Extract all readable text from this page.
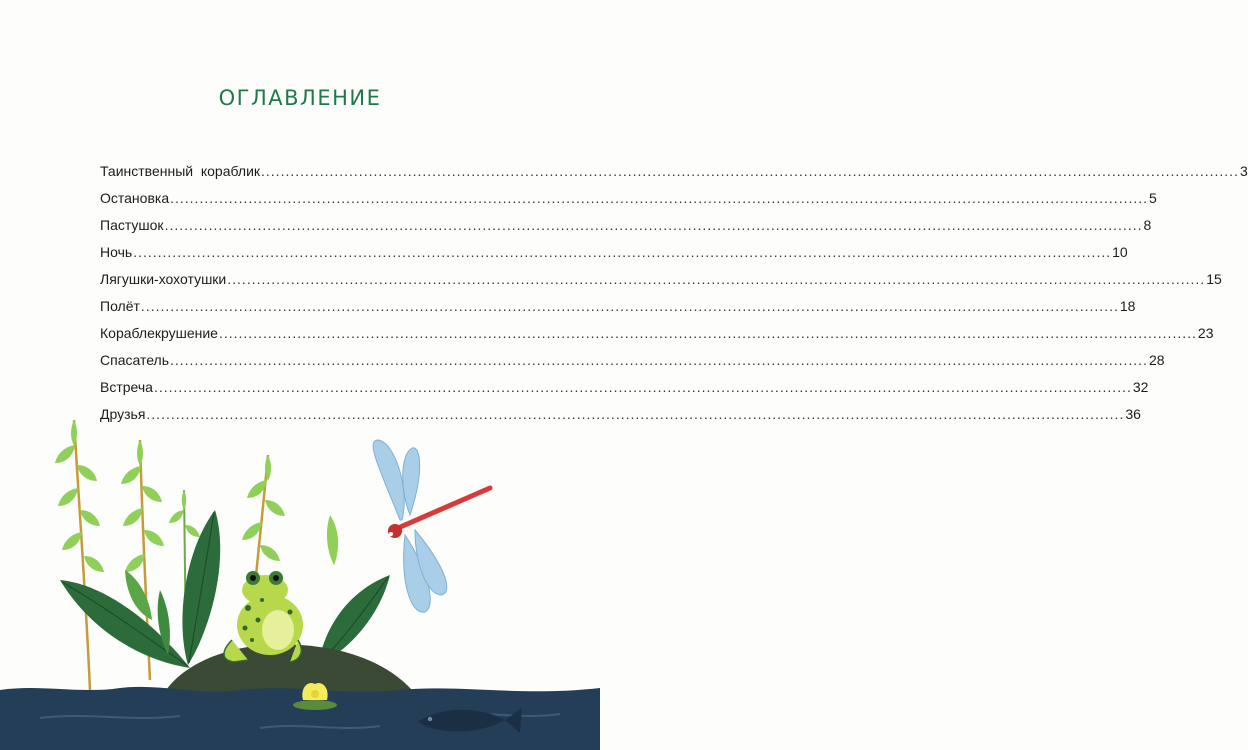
ОГЛАВЛЕНИЕ
Таинственный  кораблик ........................................................................................................................................................................................................ 3
Остановка ........................................................................................................................................................................................................ 5
Пастушок ........................................................................................................................................................................................................ 8
Ночь ........................................................................................................................................................................................................ 10
Лягушки-хохотушки ........................................................................................................................................................................................................ 15
Полёт ........................................................................................................................................................................................................ 18
Кораблекрушение ........................................................................................................................................................................................................ 23
Спасатель ........................................................................................................................................................................................................ 28
Встреча ........................................................................................................................................................................................................ 32
Друзья ........................................................................................................................................................................................................ 36
